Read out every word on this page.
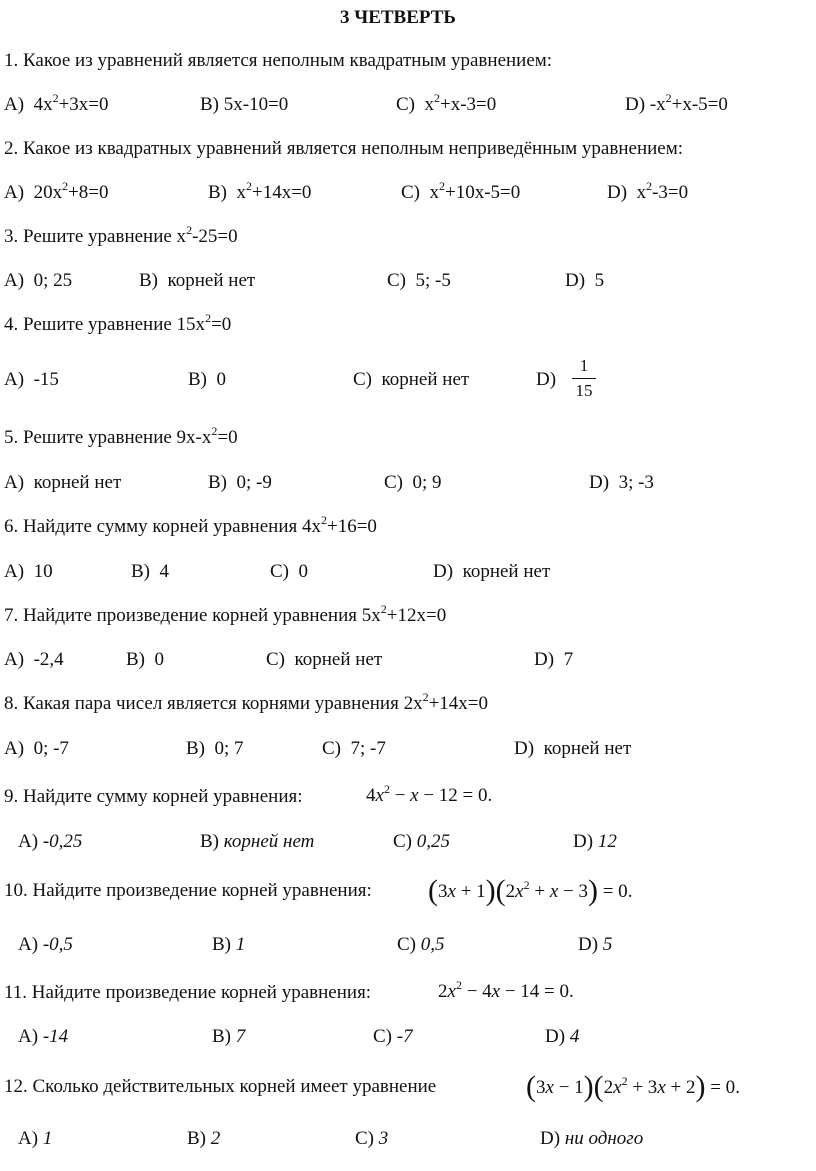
3 ЧЕТВЕРТЬ
1. Какое из уравнений является неполным квадратным уравнением:
A) $4x^2+3x=0$	B) 5x-10=0	C) $x^2+x-3=0$	D) $-x^2+x-5=0$
2. Какое из квадратных уравнений является неполным неприведённым уравнением:
A) $20x^2+8=0$	B) $x^2+14x=0$	C) $x^2+10x-5=0$	D) $x^2-3=0$
3. Решите уравнение $x^2-25=0$
A) 0; 25	B) корней нет	C) 5; -5	D) 5
4. Решите уравнение $15x^2=0$
A) -15	B) 0	C) корней нет	D)
1
15
5. Решите уравнение $9x-x^2=0$
A) корней нет	B) 0; -9	C) 0; 9	D) 3; -3
6. Найдите сумму корней уравнения $4x^2+16=0$
A) 10	B) 4	C) 0	D) корней нет
7. Найдите произведение корней уравнения $5x^2+12x=0$
A) -2,4	B) 0	C) корней нет	D) 7
8. Какая пара чисел является корнями уравнения $2x^2+14x=0$
A) 0; -7	B) 0; 7	C) 7; -7	D) корней нет
9. Найдите сумму корней уравнения:	$4x^2 - x - 12 = 0$.
A) -0,25	B) корней нет	C) 0,25	D) 12
10. Найдите произведение корней уравнения: $(3x + 1)(2x^2 + x - 3) = 0$.
A) -0,5	B) 1	C) 0,5	D) 5
11. Найдите произведение корней уравнения:	$2x^2 - 4x - 14 = 0$.
A) -14	B) 7	C) -7	D) 4
12. Сколько действительных корней имеет уравнение	$(3x - 1)(2x^2 + 3x + 2) = 0$.
A) 1	B) 2	C) 3	D) ни одного
